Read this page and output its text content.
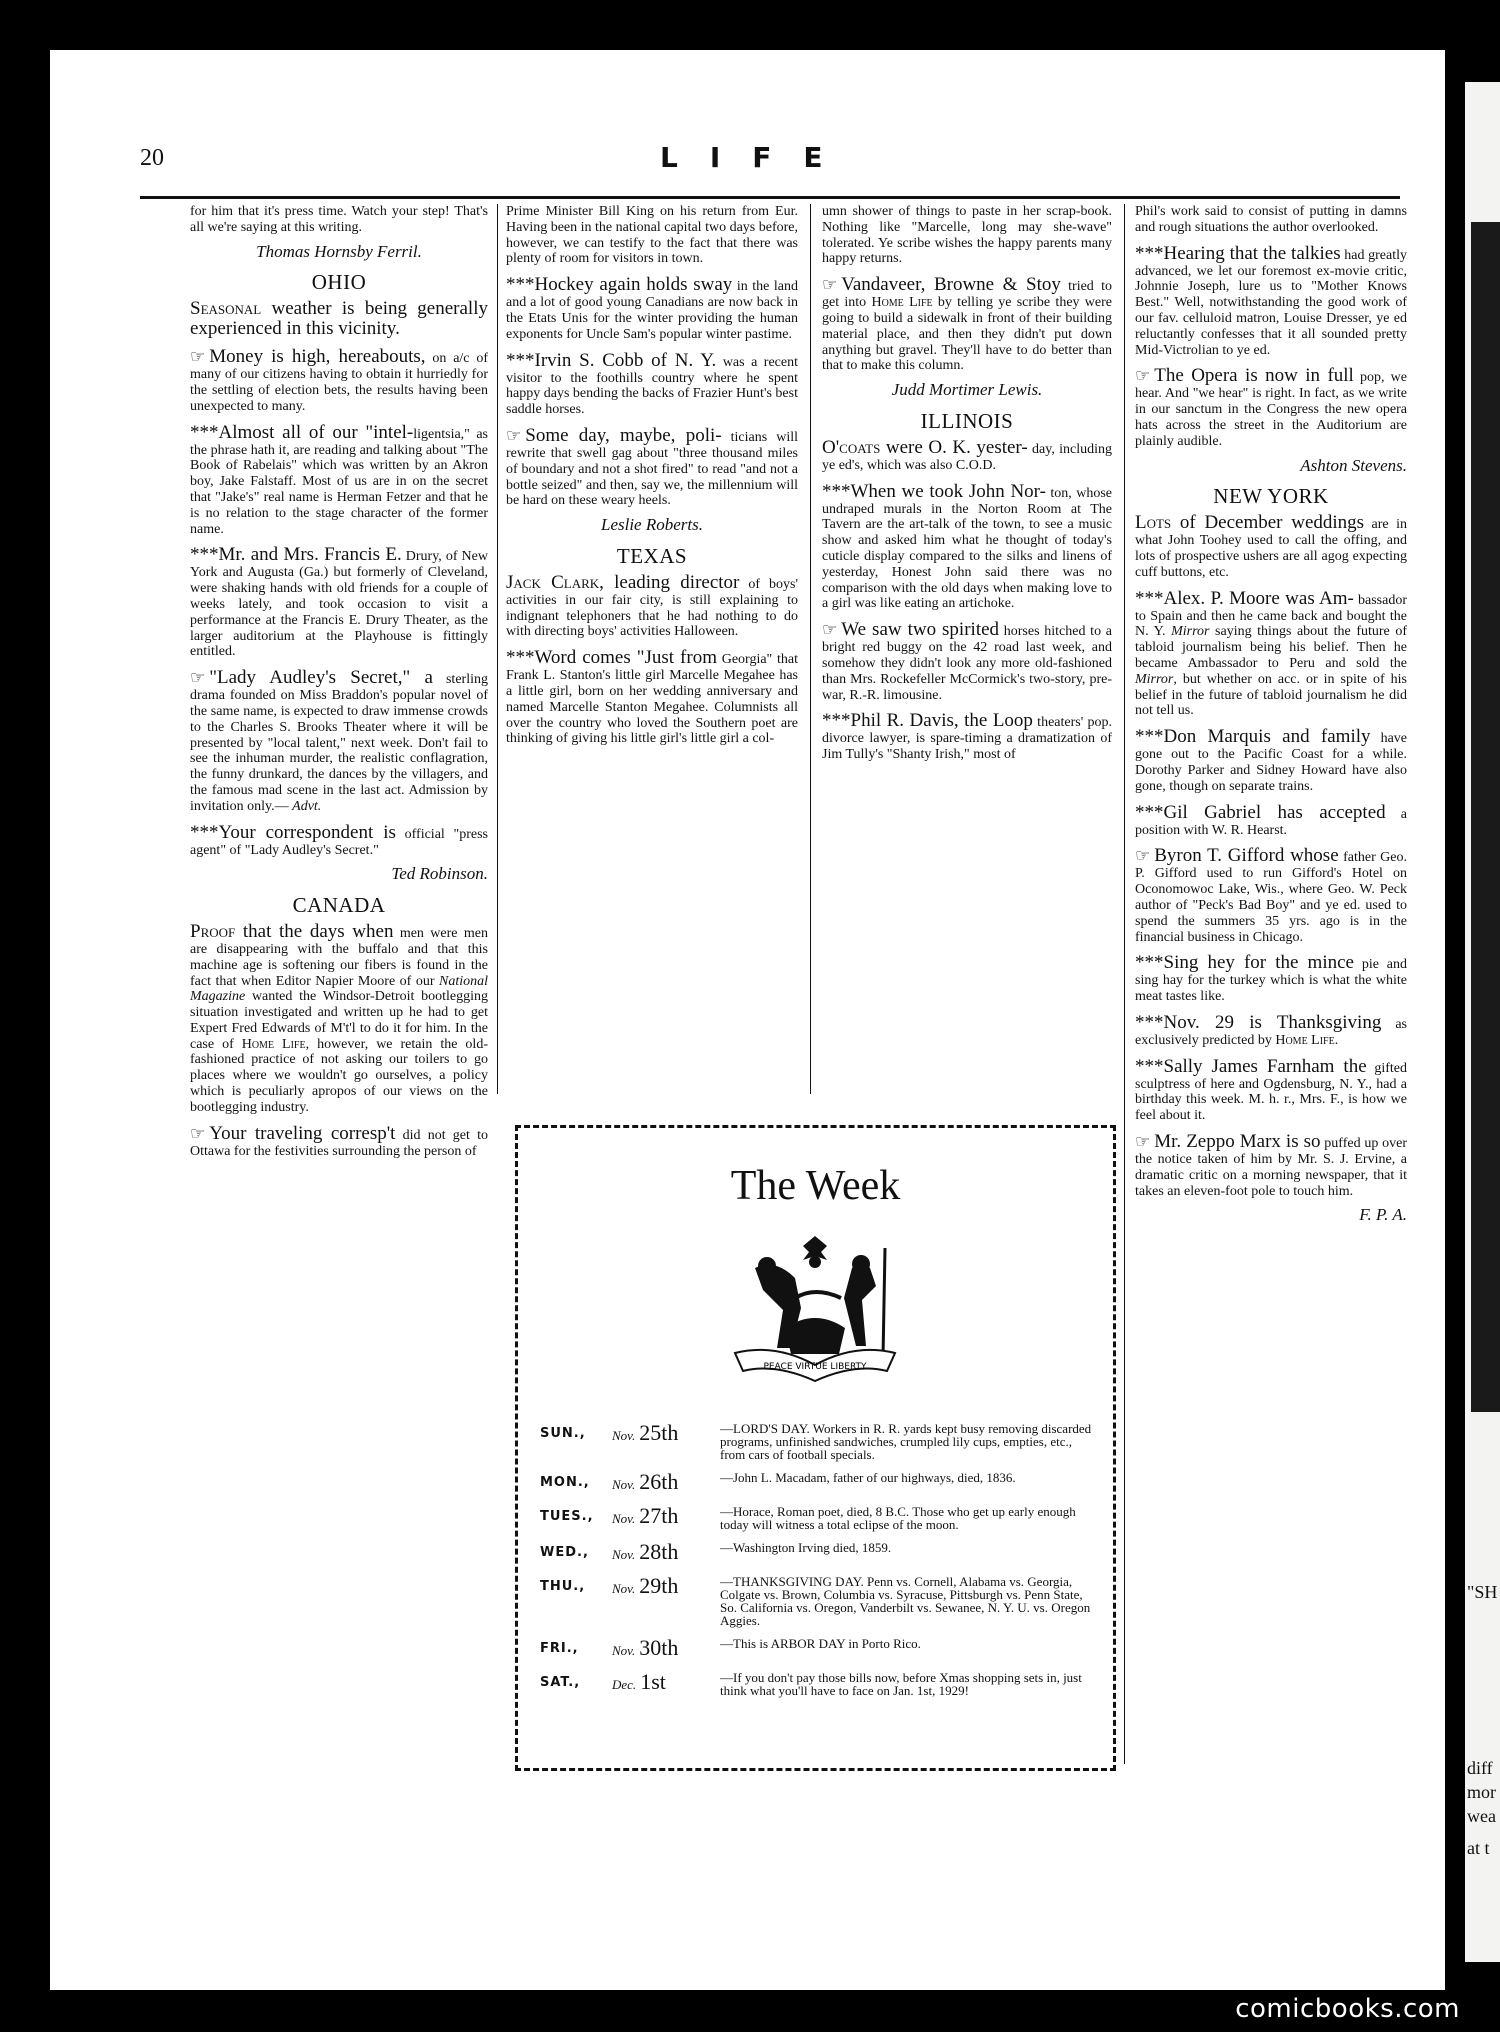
"SH
diff
mor
wea
at t
20	LIFE

for him that it's press time. Watch your step! That's all we're saying at this writing.

Thomas Hornsby Ferril.
OHIO

Seasonal weather is being generally experienced in this vicinity.

☞ Money is high, hereabouts, on a/c of many of our citizens having to obtain it hurriedly for the settling of election bets, the results having been unexpected to many.

***Almost all of our "intel-ligentsia," as the phrase hath it, are reading and talking about "The Book of Rabelais" which was written by an Akron boy, Jake Falstaff. Most of us are in on the secret that "Jake's" real name is Herman Fetzer and that he is no relation to the stage character of the former name.

***Mr. and Mrs. Francis E. Drury, of New York and Augusta (Ga.) but formerly of Cleveland, were shaking hands with old friends for a couple of weeks lately, and took occasion to visit a performance at the Francis E. Drury Theater, as the larger auditorium at the Playhouse is fittingly entitled.

☞ "Lady Audley's Secret," a sterling drama founded on Miss Braddon's popular novel of the same name, is expected to draw immense crowds to the Charles S. Brooks Theater where it will be presented by "local talent," next week. Don't fail to see the inhuman murder, the realistic conflagration, the funny drunkard, the dances by the villagers, and the famous mad scene in the last act. Admission by invitation only.— Advt.

***Your correspondent is official "press agent" of "Lady Audley's Secret."

Ted Robinson.
CANADA

Proof that the days when men were men are disappearing with the buffalo and that this machine age is softening our fibers is found in the fact that when Editor Napier Moore of our National Magazine wanted the Windsor-Detroit bootlegging situation investigated and written up he had to get Expert Fred Edwards of M't'l to do it for him. In the case of Home Life, however, we retain the old-fashioned practice of not asking our toilers to go places where we wouldn't go ourselves, a policy which is peculiarly apropos of our views on the bootlegging industry.

☞ Your traveling corresp't did not get to Ottawa for the festivities surrounding the person of

Prime Minister Bill King on his return from Eur. Having been in the national capital two days before, however, we can testify to the fact that there was plenty of room for visitors in town.

***Hockey again holds sway in the land and a lot of good young Canadians are now back in the Etats Unis for the winter providing the human exponents for Uncle Sam's popular winter pastime.

***Irvin S. Cobb of N. Y. was a recent visitor to the foothills country where he spent happy days bending the backs of Frazier Hunt's best saddle horses.

☞ Some day, maybe, poli- ticians will rewrite that swell gag about "three thousand miles of boundary and not a shot fired" to read "and not a bottle seized" and then, say we, the millennium will be hard on these weary heels.

Leslie Roberts.
TEXAS

Jack Clark, leading director of boys' activities in our fair city, is still explaining to indignant telephoners that he had nothing to do with directing boys' activities Halloween.

***Word comes "Just from Georgia" that Frank L. Stanton's little girl Marcelle Megahee has a little girl, born on her wedding anniversary and named Marcelle Stanton Megahee. Columnists all over the country who loved the Southern poet are thinking of giving his little girl's little girl a col-

umn shower of things to paste in her scrap-book. Nothing like "Marcelle, long may she-wave" tolerated. Ye scribe wishes the happy parents many happy returns.

☞ Vandaveer, Browne & Stoy tried to get into Home Life by telling ye scribe they were going to build a sidewalk in front of their building material place, and then they didn't put down anything but gravel. They'll have to do better than that to make this column.

Judd Mortimer Lewis.
ILLINOIS

O'coats were O. K. yester- day, including ye ed's, which was also C.O.D.

***When we took John Nor- ton, whose undraped murals in the Norton Room at The Tavern are the art-talk of the town, to see a music show and asked him what he thought of today's cuticle display compared to the silks and linens of yesterday, Honest John said there was no comparison with the old days when making love to a girl was like eating an artichoke.

☞ We saw two spirited horses hitched to a bright red buggy on the 42 road last week, and somehow they didn't look any more old-fashioned than Mrs. Rockefeller McCormick's two-story, pre-war, R.-R. limousine.

***Phil R. Davis, the Loop theaters' pop. divorce lawyer, is spare-timing a dramatization of Jim Tully's "Shanty Irish," most of

Phil's work said to consist of putting in damns and rough situations the author overlooked.

***Hearing that the talkies had greatly advanced, we let our foremost ex-movie critic, Johnnie Joseph, lure us to "Mother Knows Best." Well, notwithstanding the good work of our fav. celluloid matron, Louise Dresser, ye ed reluctantly confesses that it all sounded pretty Mid-Victrolian to ye ed.

☞ The Opera is now in full pop, we hear. And "we hear" is right. In fact, as we write in our sanctum in the Congress the new opera hats across the street in the Auditorium are plainly audible.

Ashton Stevens.
NEW YORK

Lots of December weddings are in what John Toohey used to call the offing, and lots of prospective ushers are all agog expecting cuff buttons, etc.

***Alex. P. Moore was Am- bassador to Spain and then he came back and bought the N. Y. Mirror saying things about the future of tabloid journalism being his belief. Then he became Ambassador to Peru and sold the Mirror, but whether on acc. or in spite of his belief in the future of tabloid journalism he did not tell us.

***Don Marquis and family have gone out to the Pacific Coast for a while. Dorothy Parker and Sidney Howard have also gone, though on separate trains.

***Gil Gabriel has accepted a position with W. R. Hearst.

☞ Byron T. Gifford whose father Geo. P. Gifford used to run Gifford's Hotel on Oconomowoc Lake, Wis., where Geo. W. Peck author of "Peck's Bad Boy" and ye ed. used to spend the summers 35 yrs. ago is in the financial business in Chicago.

***Sing hey for the mince pie and sing hay for the turkey which is what the white meat tastes like.

***Nov. 29 is Thanksgiving as exclusively predicted by Home Life.

***Sally James Farnham the gifted sculptress of here and Ogdensburg, N. Y., had a birthday this week. M. h. r., Mrs. F., is how we feel about it.

☞ Mr. Zeppo Marx is so puffed up over the notice taken of him by Mr. S. J. Ervine, a dramatic critic on a morning newspaper, that it takes an eleven-foot pole to touch him.

F. P. A.
The Week
PEACE VIRTUE LIBERTY
SUN.,	Nov. 25th	—LORD'S DAY. Workers in R. R. yards kept busy removing discarded programs, unfinished sandwiches, crumpled lily cups, empties, etc., from cars of football specials.
MON.,	Nov. 26th	—John L. Macadam, father of our highways, died, 1836.
TUES.,	Nov. 27th	—Horace, Roman poet, died, 8 B.C. Those who get up early enough today will witness a total eclipse of the moon.
WED.,	Nov. 28th	—Washington Irving died, 1859.
THU.,	Nov. 29th	—THANKSGIVING DAY. Penn vs. Cornell, Alabama vs. Georgia, Colgate vs. Brown, Columbia vs. Syracuse, Pittsburgh vs. Penn State, So. California vs. Oregon, Vanderbilt vs. Sewanee, N. Y. U. vs. Oregon Aggies.
FRI.,	Nov. 30th	—This is ARBOR DAY in Porto Rico.
SAT.,	Dec. 1st	—If you don't pay those bills now, before Xmas shopping sets in, just think what you'll have to face on Jan. 1st, 1929!
comicbooks.com
